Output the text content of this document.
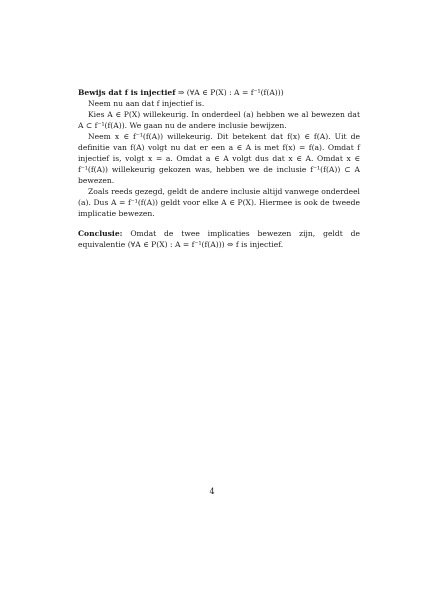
Bewijs dat f is injectief ⇒ (∀A ∈ P(X) : A = f⁻¹(f(A)))

Neem nu aan dat f injectief is.

Kies A ∈ P(X) willekeurig. In onderdeel (a) hebben we al bewezen dat A ⊂ f⁻¹(f(A)). We gaan nu de andere inclusie bewijzen.

Neem x ∈ f⁻¹(f(A)) willekeurig. Dit betekent dat f(x) ∈ f(A). Uit de definitie van f(A) volgt nu dat er een a ∈ A is met f(x) = f(a). Omdat f injectief is, volgt x = a. Omdat a ∈ A volgt dus dat x ∈ A. Omdat x ∈ f⁻¹(f(A)) willekeurig gekozen was, hebben we de inclusie f⁻¹(f(A)) ⊂ A bewezen.

Zoals reeds gezegd, geldt de andere inclusie altijd vanwege onderdeel (a). Dus A = f⁻¹(f(A)) geldt voor elke A ∈ P(X). Hiermee is ook de tweede implicatie bewezen.

Conclusie: Omdat de twee implicaties bewezen zijn, geldt de equivalentie (∀A ∈ P(X) : A = f⁻¹(f(A))) ⇔ f is injectief.

4
